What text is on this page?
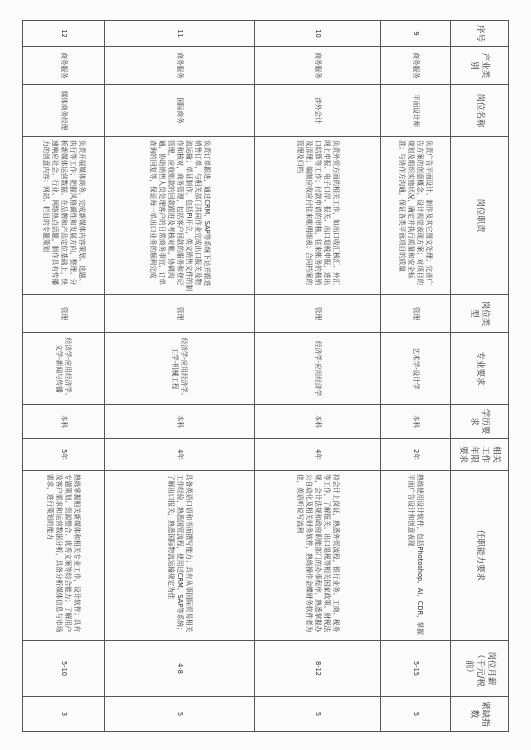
序号	产业类别	岗位名称	岗位职责	岗位类型	专业要求	学历要求	相关工作年限要求	任职能力要求	岗位月薪（千元/税前）	紧缺指数
9	商务服务	平面设计师	负责广告平面设计、制作及其它图文处理；完善广告方案的创意概念，设计视觉表现方案；对项目的规划及组织实施状况，确定并执行质量和安全标准；与协作方沟通，保证各类平面项目的质量	管理	艺术学-设计学	本科	2年	熟练使用设计软件，包括Photoshop、AI、CDR，掌握平面广告设计和创意表现	5-15	5
10	商务服务	涉外会计	负责外贸方面的相关工作，如出口收汇核汇、外汇网上申报、电子口岸、报关、出口退税申报，进出口结算等工作；付款申请的审核，往来帐务的核销及清理；编制应收应付往来帐明细表；合同档案的管理及归档	管理	经济学-应用经济学	本科	4年	持会计上岗证，熟悉外贸流程，银行业务、工商、税务等工作，了解报关、出口退税等相关国家政策、财税法规，会计法规和政府职能部门的办事程序，熟悉掌握办公自动化及相关财务软件，熟练操作金蝶财务软件者为佳，英语听说写流利	8-12	5
11	商务服务	国际商务	负责订单跟进，通过CRM、SAP等系统下达并跟进销售订单，与相关部门共同作业完成出口报关及物流运输；单证制作，包括PI开立，英文销售文件的制作和核对，商务管理，包括客户回款的服务和登记管理，应收账款的回款跟进及考核对帐，协调沟通，协助销售人员处理客户的日常商务事宜，订单查询的回复等，保证每一单出口业务的顺利完成	管理	经济学-应用经济学、工学-机械工程	本科	4年	具备英语口语和书面撰写能力；具有从事国际贸易相关工作经验，熟悉国贸流程，使用过CRM、SAP等系统；了解出口报关，熟悉国际物流运输规定为佳	4-8	5
12	商务服务	媒体商务经理	负责开展媒体商务，完成新媒体内容策划、选题、执行等工作；把握风格调性和发展方向，整理、分析新媒体运营数据、在品牌和产品定位基础上，快速响应社会、行业、网络热点话题，制作具有传播力的创意内容：网站、栏目的专题策划	管理	经济学-应用经济学、文学-新闻与传播	本科	5年	熟练掌握相关新媒体和相关专业工作，设计软件；具有专题策划、资源整合、优秀文案等综合能力；了解用户及客户需求和运营数据分析，具备分析媒体信息与市场需求，进行策划的能力	5-10	3
